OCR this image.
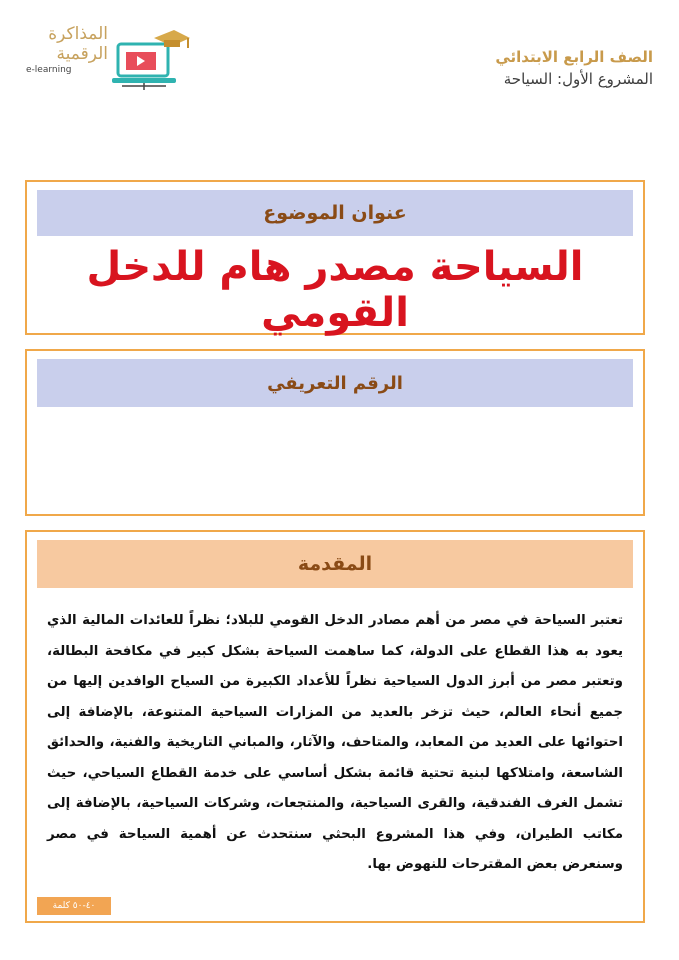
المذاكرة
الرقمية
e-learning
الصف الرابع الابتدائي
المشروع الأول: السياحة
عنوان الموضوع
السياحة مصدر هام للدخل القومي
الرقم التعريفي
المقدمة
تعتبر السياحة في مصر من أهم مصادر الدخل القومي للبلاد؛ نظراً للعائدات المالية الذي يعود به هذا القطاع على الدولة، كما ساهمت السياحة بشكل كبير في مكافحة البطالة، وتعتبر مصر من أبرز الدول السياحية نظراً للأعداد الكبيرة من السياح الوافدين إليها من جميع أنحاء العالم، حيث تزخر بالعديد من المزارات السياحية المتنوعة، بالإضافة إلى احتوائها على العديد من المعابد، والمتاحف، والآثار، والمباني التاريخية والفنية، والحدائق الشاسعة، وامتلاكها لبنية تحتية قائمة بشكل أساسي على خدمة القطاع السياحي، حيث تشمل الغرف الفندقية، والقرى السياحية، والمنتجعات، وشركات السياحية، بالإضافة إلى مكاتب الطيران، وفي هذا المشروع البحثي سنتحدث عن أهمية السياحة في مصر وسنعرض بعض المقترحات للنهوض بها.
٤٠-٥٠ كلمة
